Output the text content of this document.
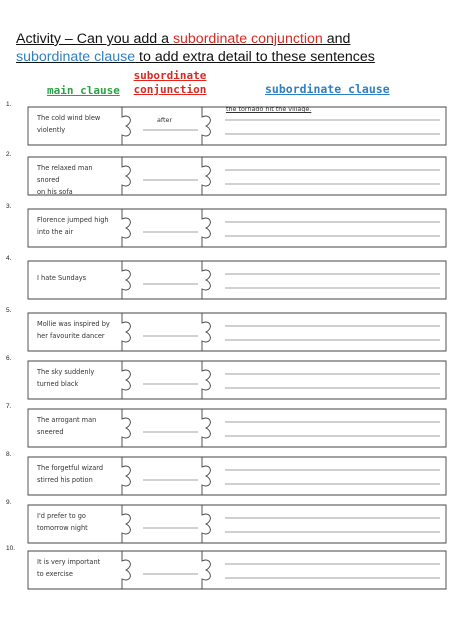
Activity – Can you add a subordinate conjunction and
subordinate clause to add extra detail to these sentences
main clause
subordinate
conjunction	subordinate clause
1.
The cold wind blew
violently
after
the tornado hit the village.
2.
The relaxed man snored
on his sofa
3.
Florence jumped high
into the air
4.
I hate Sundays
5.
Mollie was inspired by
her favourite dancer
6.
The sky suddenly
turned black
7.
The arrogant man
sneered
8.
The forgetful wizard
stirred his potion
9.
I'd prefer to go
tomorrow night
10.
It is very important
to exercise
